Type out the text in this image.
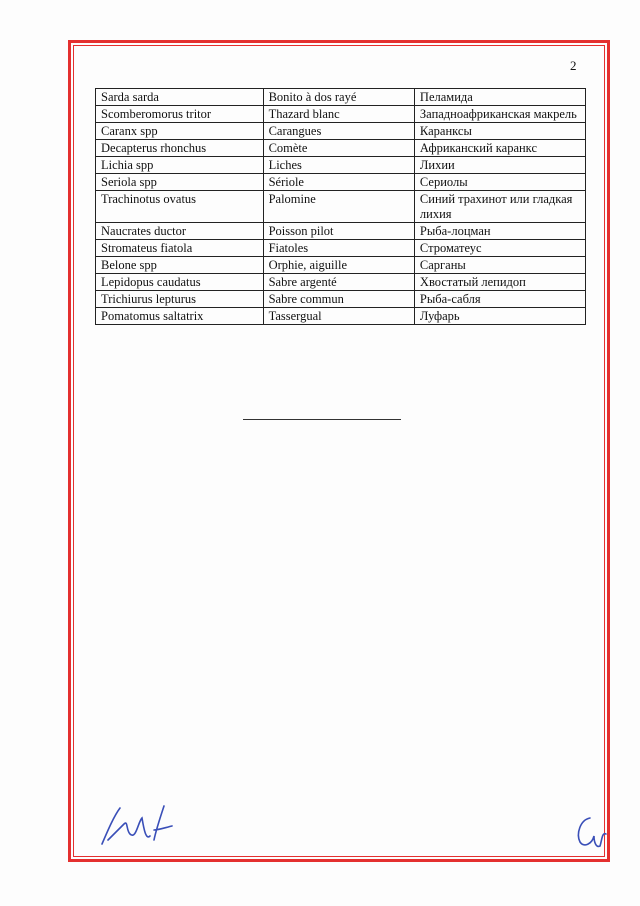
2
Sarda sarda	Bonito à dos rayé	Пеламида
Scomberomorus tritor	Thazard blanc	Западноафриканская макрель
Caranx spp	Carangues	Каранксы
Decapterus rhonchus	Comète	Африканский каранкс
Lichia spp	Liches	Лихии
Seriola spp	Sériole	Сериолы
Trachinotus ovatus	Palomine	Синий трахинот или гладкая лихия
Naucrates ductor	Poisson pilot	Рыба-лоцман
Stromateus fiatola	Fiatoles	Строматеус
Belone spp	Orphie, aiguille	Сарганы
Lepidopus caudatus	Sabre argenté	Хвостатый лепидоп
Trichiurus lepturus	Sabre commun	Рыба-сабля
Pomatomus saltatrix	Tassergual	Луфарь
